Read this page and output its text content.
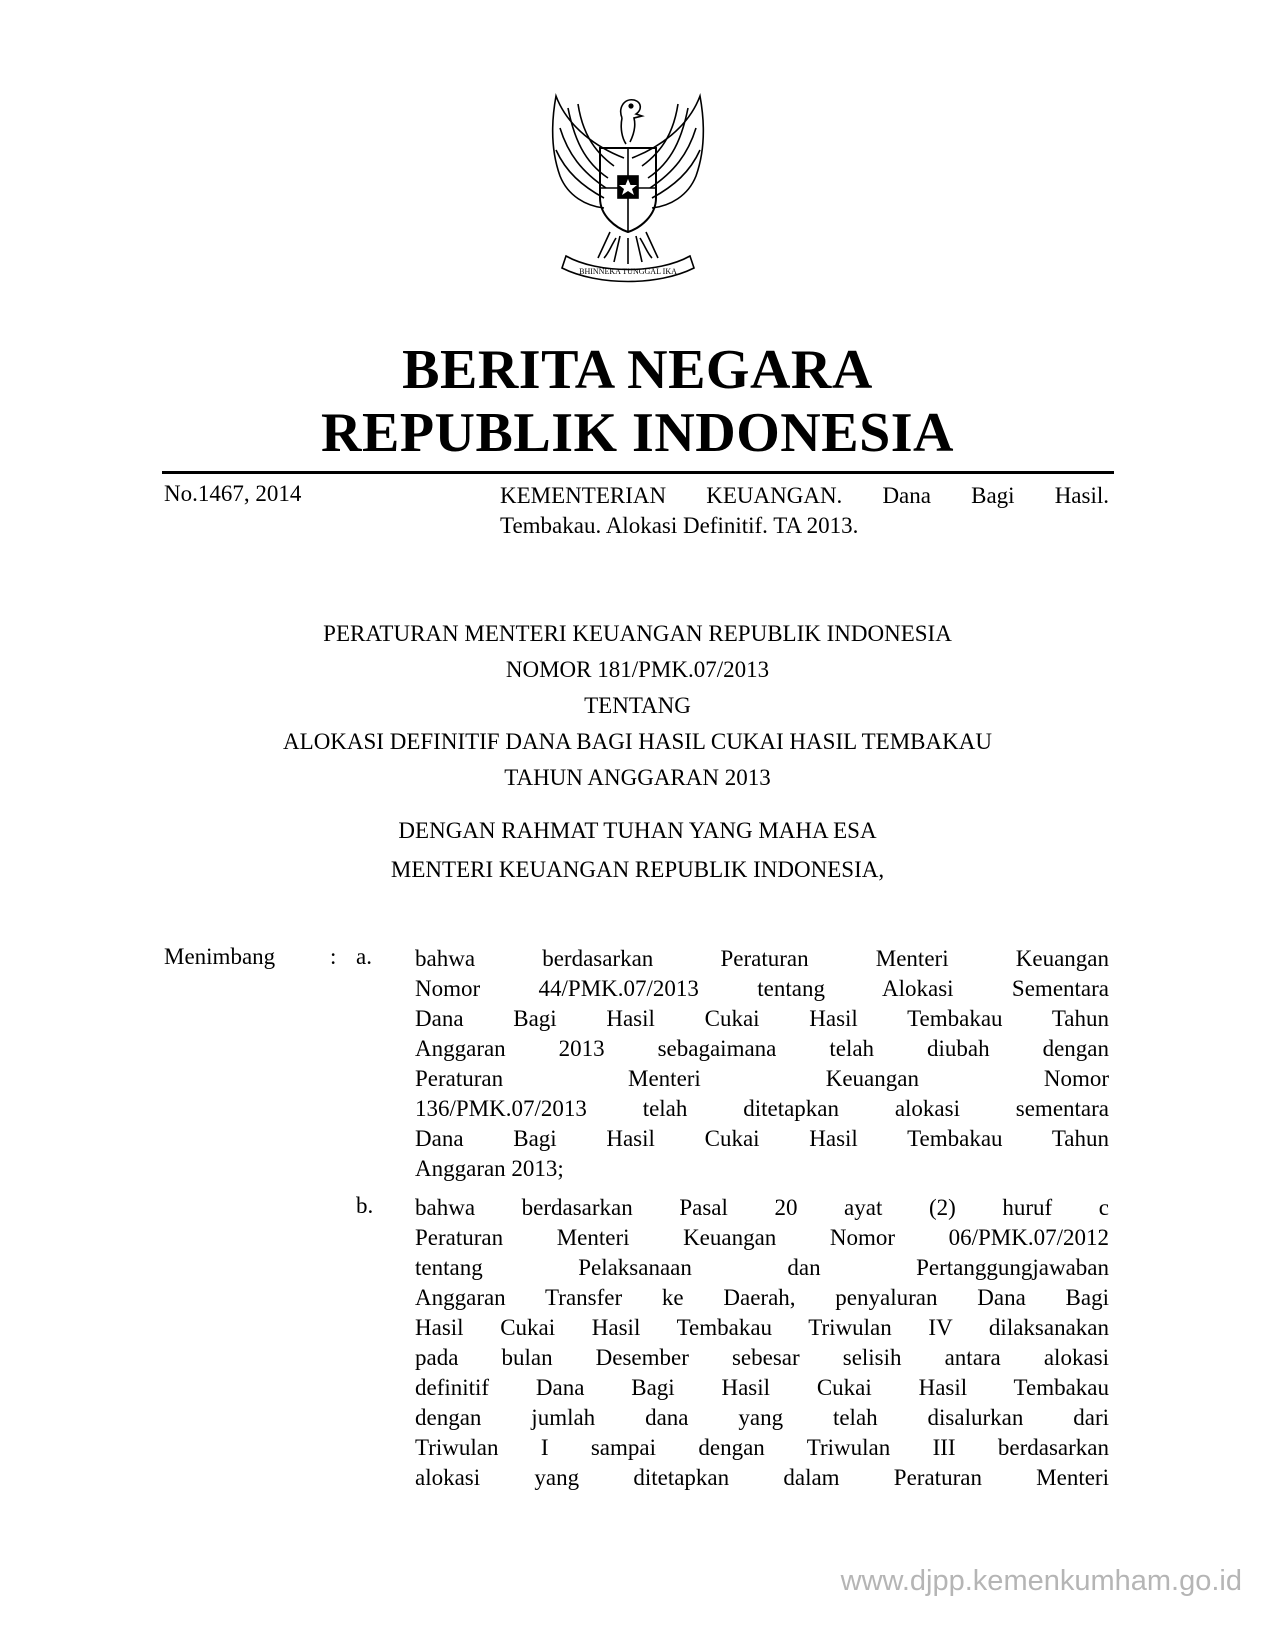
BHINNEKA TUNGGAL IKA
BERITA NEGARA
REPUBLIK INDONESIA
No.1467, 2014	KEMENTERIAN KEUANGAN. Dana Bagi Hasil.
Tembakau. Alokasi Definitif. TA 2013.
PERATURAN MENTERI KEUANGAN REPUBLIK INDONESIA
NOMOR 181/PMK.07/2013
TENTANG
ALOKASI DEFINITIF DANA BAGI HASIL CUKAI HASIL TEMBAKAU
TAHUN ANGGARAN 2013
DENGAN RAHMAT TUHAN YANG MAHA ESA
MENTERI KEUANGAN REPUBLIK INDONESIA,
Menimbang : a. bahwa berdasarkan Peraturan Menteri Keuangan
Nomor 44/PMK.07/2013 tentang Alokasi Sementara
Dana Bagi Hasil Cukai Hasil Tembakau Tahun
Anggaran 2013 sebagaimana telah diubah dengan
Peraturan Menteri Keuangan Nomor
136/PMK.07/2013 telah ditetapkan alokasi sementara
Dana Bagi Hasil Cukai Hasil Tembakau Tahun
Anggaran 2013;
b. bahwa berdasarkan Pasal 20 ayat (2) huruf c
Peraturan Menteri Keuangan Nomor 06/PMK.07/2012
tentang Pelaksanaan dan Pertanggungjawaban
Anggaran Transfer ke Daerah, penyaluran Dana Bagi
Hasil Cukai Hasil Tembakau Triwulan IV dilaksanakan
pada bulan Desember sebesar selisih antara alokasi
definitif Dana Bagi Hasil Cukai Hasil Tembakau
dengan jumlah dana yang telah disalurkan dari
Triwulan I sampai dengan Triwulan III berdasarkan
alokasi yang ditetapkan dalam Peraturan Menteri
www.djpp.kemenkumham.go.id
